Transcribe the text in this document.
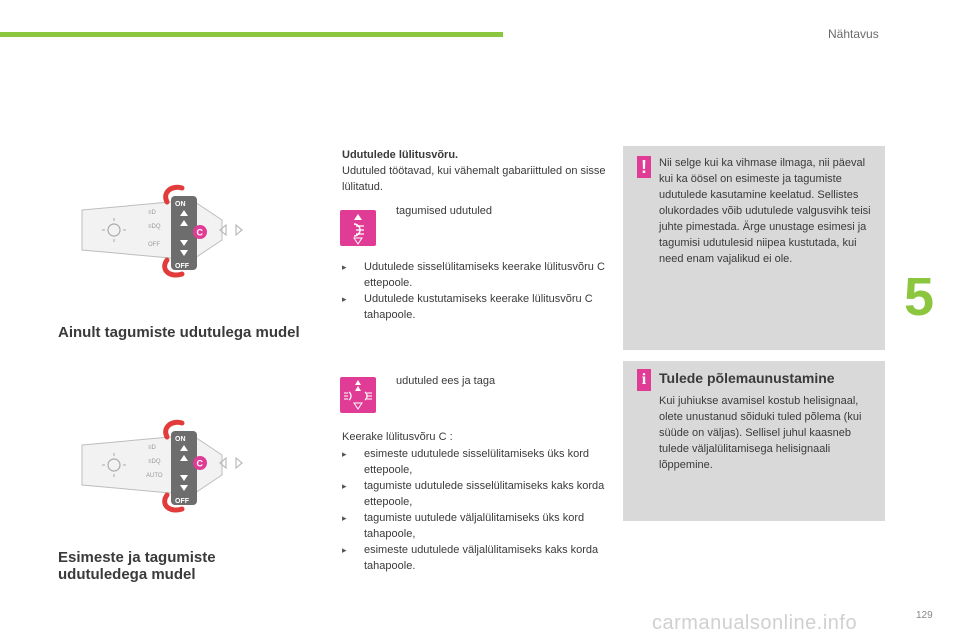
Nähtavus
5
129
≡D
≡DQ
OFF
ON
OFF
C
≡D
≡DQ
AUTO
ON
OFF
C
Ainult tagumiste udutulega mudel
Esimeste ja tagumiste udutuledega mudel
Udutulede lülitusvõru.
Udutuled töötavad, kui vähemalt gabariittuled on sisse lülitatud.
tagumised udutuled
▸ Udutulede sisselülitamiseks keerake lülitusvõru C ettepoole.
▸ Udutulede kustutamiseks keerake lülitusvõru C tahapoole.
udutuled ees ja taga
Keerake lülitusvõru C :
▸ esimeste udutulede sisselülitamiseks üks kord ettepoole,
▸ tagumiste udutulede sisselülitamiseks kaks korda ettepoole,
▸ tagumiste uutulede väljalülitamiseks üks kord tahapoole,
▸ esimeste udutulede väljalülitamiseks kaks korda tahapoole.
!	Nii selge kui ka vihmase ilmaga, nii päeval kui ka öösel on esimeste ja tagumiste udutulede kasutamine keelatud. Sellistes olukordades võib udutulede valgusvihk teisi juhte pimestada. Ärge unustage esimesi ja tagumisi udutulesid niipea kustutada, kui need enam vajalikud ei ole.
i Tulede põlemaunustamine
Kui juhiukse avamisel kostub helisignaal, olete unustanud sõiduki tuled põlema (kui süüde on väljas). Sellisel juhul kaasneb tulede väljalülitamisega helisignaali lõppemine.
carmanualsonline.info
